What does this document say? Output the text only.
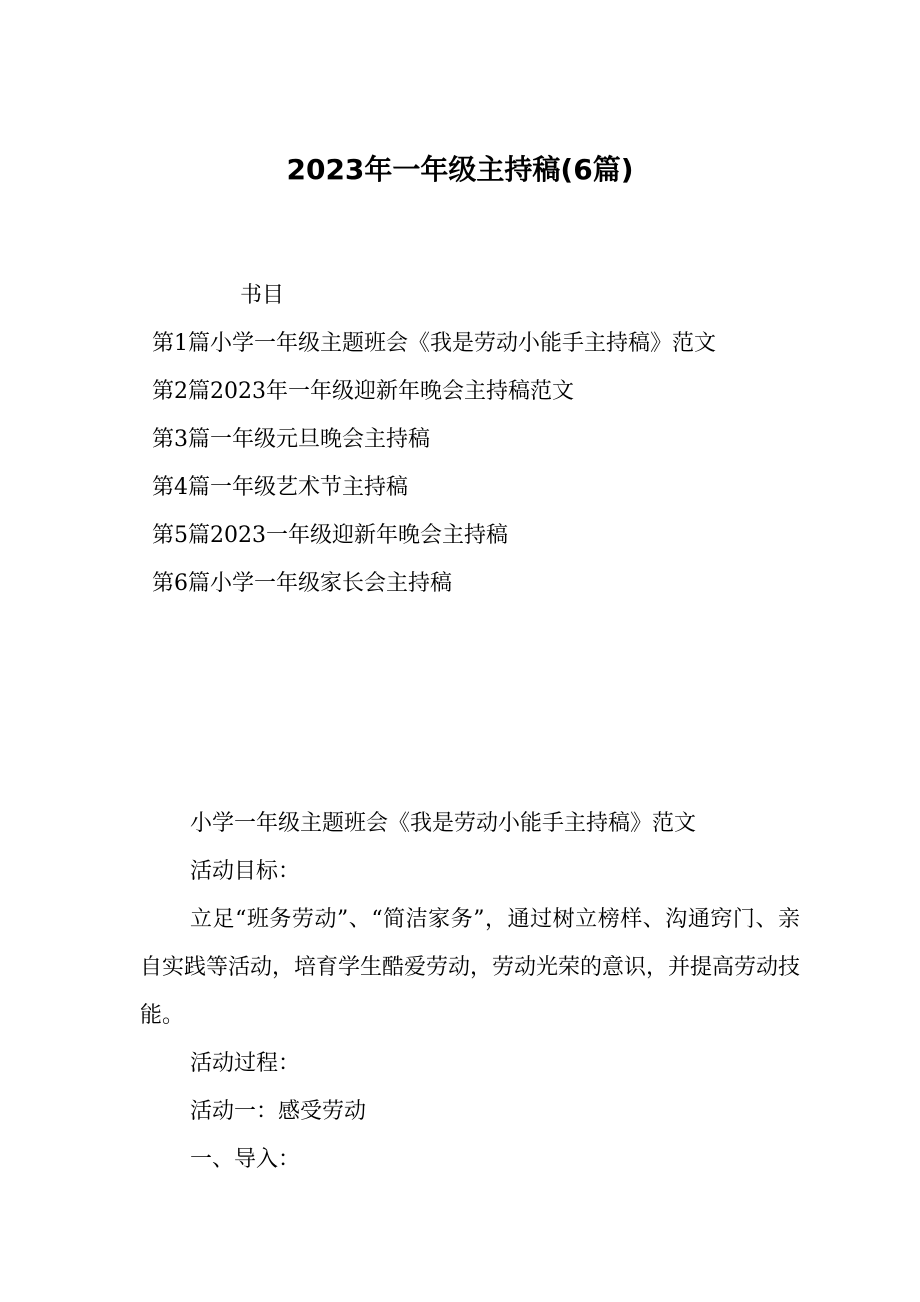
2023年一年级主持稿(6篇)
书目
第1篇小学一年级主题班会《我是劳动小能手主持稿》范文
第2篇2023年一年级迎新年晚会主持稿范文
第3篇一年级元旦晚会主持稿
第4篇一年级艺术节主持稿
第5篇2023一年级迎新年晚会主持稿
第6篇小学一年级家长会主持稿

小学一年级主题班会《我是劳动小能手主持稿》范文

活动目标：

立足“班务劳动”、“简洁家务”，通过树立榜样、沟通窍门、亲自实践等活动，培育学生酷爱劳动，劳动光荣的意识，并提高劳动技能。

活动过程：

活动一：感受劳动

一、导入：
